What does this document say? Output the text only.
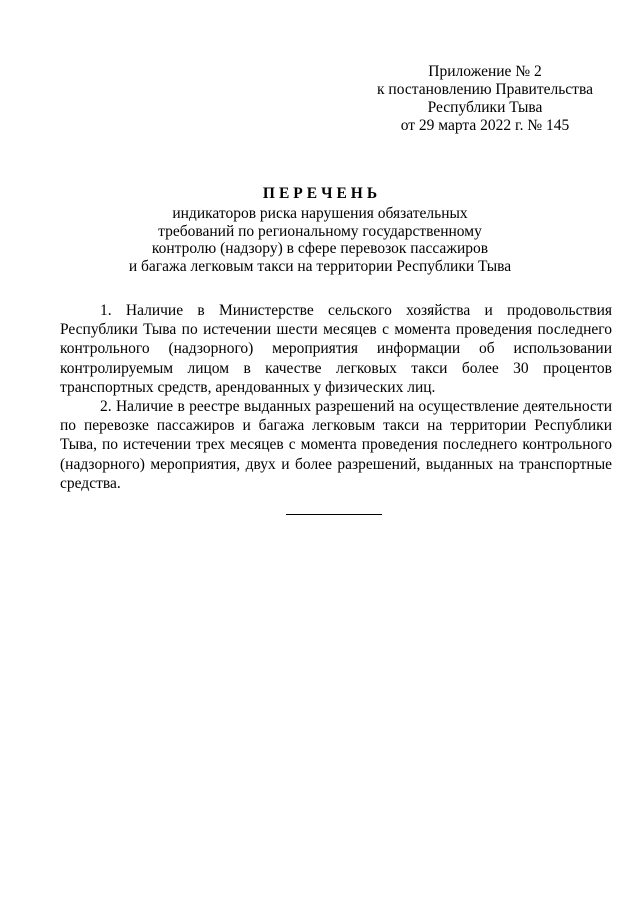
Приложение № 2
к постановлению Правительства
Республики Тыва
от 29 марта 2022 г. № 145
ПЕРЕЧЕНЬ
индикаторов риска нарушения обязательных
требований по региональному государственному
контролю (надзору) в сфере перевозок пассажиров
и багажа легковым такси на территории Республики Тыва

1. Наличие в Министерстве сельского хозяйства и продовольствия Республики Тыва по истечении шести месяцев с момента проведения последнего контрольного (надзорного) мероприятия информации об использовании контролируемым лицом в качестве легковых такси более 30 процентов транспортных средств, арендованных у физических лиц.

2. Наличие в реестре выданных разрешений на осуществление деятельности по перевозке пассажиров и багажа легковым такси на территории Республики Тыва, по истечении трех месяцев с момента проведения последнего контрольного (надзорного) мероприятия, двух и более разрешений, выданных на транспортные средства.
